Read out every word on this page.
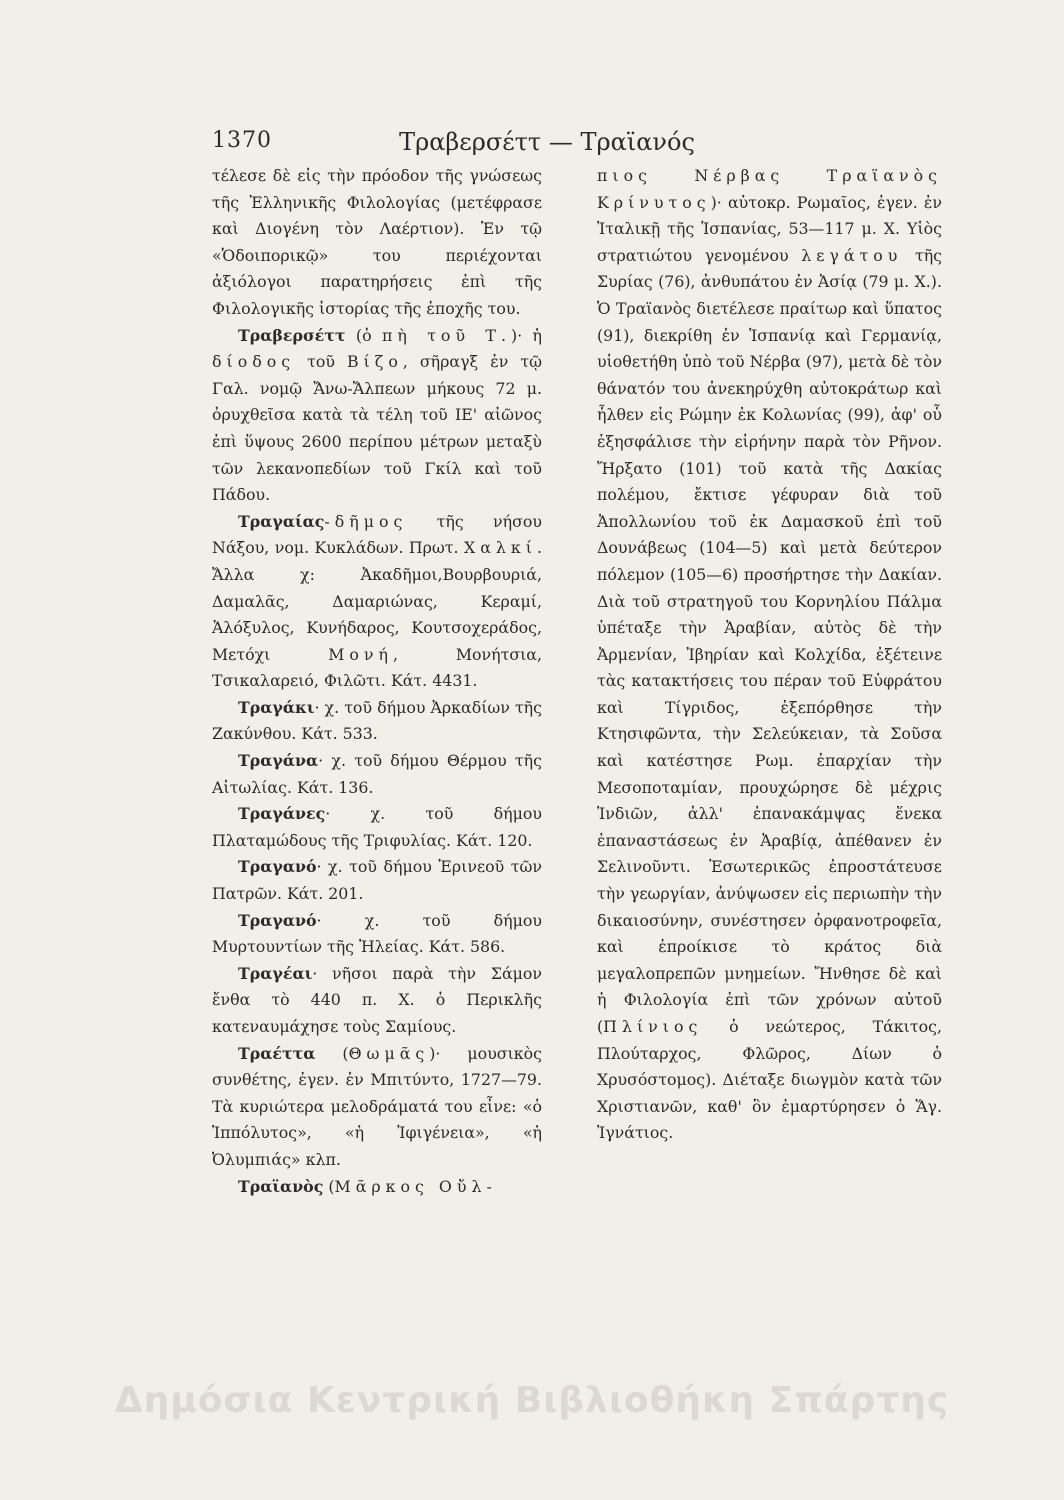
1370	Τραβερσέττ — Τραϊανός

τέλεσε δὲ εἰς τὴν πρόοδον τῆς γνώσεως τῆς Ἑλληνικῆς Φιλολογίας (μετέφρασε καὶ Διογένη τὸν Λαέρτιον). Ἐν τῷ «Ὁδοιπορικῷ» του περιέχονται ἀξιόλογοι παρατηρήσεις ἐπὶ τῆς Φιλολογικῆς ἱστορίας τῆς ἐποχῆς του.

Τραβερσέττ (ὁ πὴ τοῦ Τ.)· ἡ δίοδος τοῦ Βίζο, σῆραγξ ἐν τῷ Γαλ. νομῷ Ἄνω-Ἄλπεων μήκους 72 μ. ὀρυχθεῖσα κατὰ τὰ τέλη τοῦ ΙΕ' αἰῶνος ἐπὶ ὕψους 2600 περίπου μέτρων μεταξὺ τῶν λεκανοπεδίων τοῦ Γκίλ καὶ τοῦ Πάδου.

Τραγαίας-δῆμος τῆς νήσου Νάξου, νομ. Κυκλάδων. Πρωτ. Χαλκί. Ἄλλα χ: Ἀκαδῆμοι,Βουρβουριά, Δαμαλᾶς, Δαμαριώνας, Κεραμί, Ἁλόξυλος, Κυνήδαρος, Κουτσοχεράδος, Μετόχι Μονή, Μονήτσια, Τσικαλαρειό, Φιλῶτι. Κάτ. 4431.

Τραγάκι· χ. τοῦ δήμου Ἀρκαδίων τῆς Ζακύνθου. Κάτ. 533.

Τραγάνα· χ. τοῦ δήμου Θέρμου τῆς Αἰτωλίας. Κάτ. 136.

Τραγάνες· χ. τοῦ δήμου Πλαταμώδους τῆς Τριφυλίας. Κάτ. 120.

Τραγανό· χ. τοῦ δήμου Ἐρινεοῦ τῶν Πατρῶν. Κάτ. 201.

Τραγανό· χ. τοῦ δήμου Μυρτουντίων τῆς Ἠλείας. Κάτ. 586.

Τραγέαι· νῆσοι παρὰ τὴν Σάμον ἔνθα τὸ 440 π. Χ. ὁ Περικλῆς κατεναυμάχησε τοὺς Σαμίους.

Τραέττα (Θωμᾶς)· μουσικὸς συνθέτης, ἐγεν. ἐν Μπιτύντο, 1727—79. Τὰ κυριώτερα μελοδράματά του εἶνε: «ὁ Ἱππόλυτος», «ἡ Ἰφιγένεια», «ἡ Ὀλυμπιάς» κλπ.

Τραϊανὸς (Μᾶρκος Οὔλ-

πιος Νέρβας Τραϊανὸς Κρίνυτος)· αὐτοκρ. Ρωμαῖος, ἐγεν. ἐν Ἰταλικῇ τῆς Ἱσπανίας, 53—117 μ. Χ. Υἱὸς στρατιώτου γενομένου λεγάτου τῆς Συρίας (76), ἀνθυπάτου ἐν Ἀσίᾳ (79 μ. Χ.). Ὁ Τραϊανὸς διετέλεσε πραίτωρ καὶ ὕπατος (91), διεκρίθη ἐν Ἱσπανίᾳ καὶ Γερμανίᾳ, υἱοθετήθη ὑπὸ τοῦ Νέρβα (97), μετὰ δὲ τὸν θάνατόν του ἀνεκηρύχθη αὐτοκράτωρ καὶ ἦλθεν εἰς Ρώμην ἐκ Κολωνίας (99), ἀφ' οὗ ἐξησφάλισε τὴν εἰρήνην παρὰ τὸν Ρῆνον. Ἤρξατο (101) τοῦ κατὰ τῆς Δακίας πολέμου, ἔκτισε γέφυραν διὰ τοῦ Ἀπολλωνίου τοῦ ἐκ Δαμασκοῦ ἐπὶ τοῦ Δουνάβεως (104—5) καὶ μετὰ δεύτερον πόλεμον (105—6) προσήρτησε τὴν Δακίαν. Διὰ τοῦ στρατηγοῦ του Κορνηλίου Πάλμα ὑπέταξε τὴν Ἀραβίαν, αὐτὸς δὲ τὴν Ἀρμενίαν, Ἰβηρίαν καὶ Κολχίδα, ἐξέτεινε τὰς κατακτήσεις του πέραν τοῦ Εὐφράτου καὶ Τίγριδος, ἐξεπόρθησε τὴν Κτησιφῶντα, τὴν Σελεύκειαν, τὰ Σοῦσα καὶ κατέστησε Ρωμ. ἐπαρχίαν τὴν Μεσοποταμίαν, προυχώρησε δὲ μέχρις Ἰνδιῶν, ἀλλ' ἐπανακάμψας ἕνεκα ἐπαναστάσεως ἐν Ἀραβίᾳ, ἀπέθανεν ἐν Σελινοῦντι. Ἐσωτερικῶς ἐπροστάτευσε τὴν γεωργίαν, ἀνύψωσεν εἰς περιωπὴν τὴν δικαιοσύνην, συνέστησεν ὀρφανοτροφεῖα, καὶ ἐπροίκισε τὸ κράτος διὰ μεγαλοπρεπῶν μνημείων. Ἤνθησε δὲ καὶ ἡ Φιλολογία ἐπὶ τῶν χρόνων αὐτοῦ (Πλίνιος ὁ νεώτερος, Τάκιτος, Πλούταρχος, Φλῶρος, Δίων ὁ Χρυσόστομος). Διέταξε διωγμὸν κατὰ τῶν Χριστιανῶν, καθ' ὃν ἐμαρτύρησεν ὁ Ἅγ. Ἰγνάτιος.

Δημόσια Κεντρική Βιβλιοθήκη Σπάρτης
